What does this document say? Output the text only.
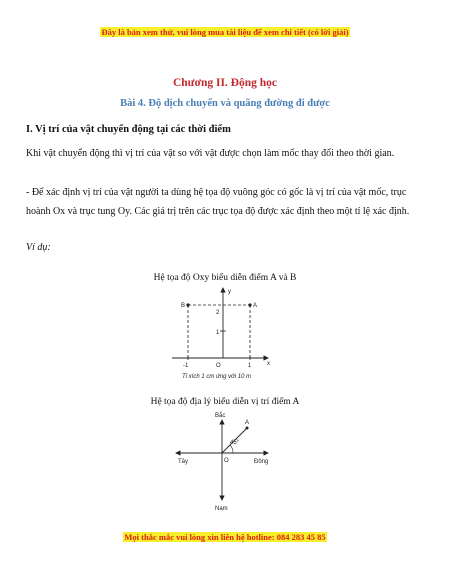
Đây là bản xem thử, vui lòng mua tài liệu để xem chi tiết (có lời giải)
Chương II. Động học
Bài 4. Độ dịch chuyển và quãng đường đi được
I. Vị trí của vật chuyển động tại các thời điểm
Khi vật chuyển động thì vị trí của vật so với vật được chọn làm mốc thay đổi theo thời gian.
- Để xác định vị trí của vật người ta dùng hệ tọa độ vuông góc có gốc là vị trí của vật mốc, trục hoành Ox và trục tung Oy. Các giá trị trên các trục tọa độ được xác định theo một tỉ lệ xác định.
Ví dụ:
Hệ tọa độ Oxy biểu diễn điểm A và B
y
x
O
B	A
2
1
-1	1
Tỉ xích 1 cm ứng với 10 m
Hệ tọa độ địa lý biểu diễn vị trí điểm A
Bắc
Nam
Đông
Tây	O
A
45°
Mọi thắc mắc vui lòng xin liên hệ hotline: 084 283 45 85
